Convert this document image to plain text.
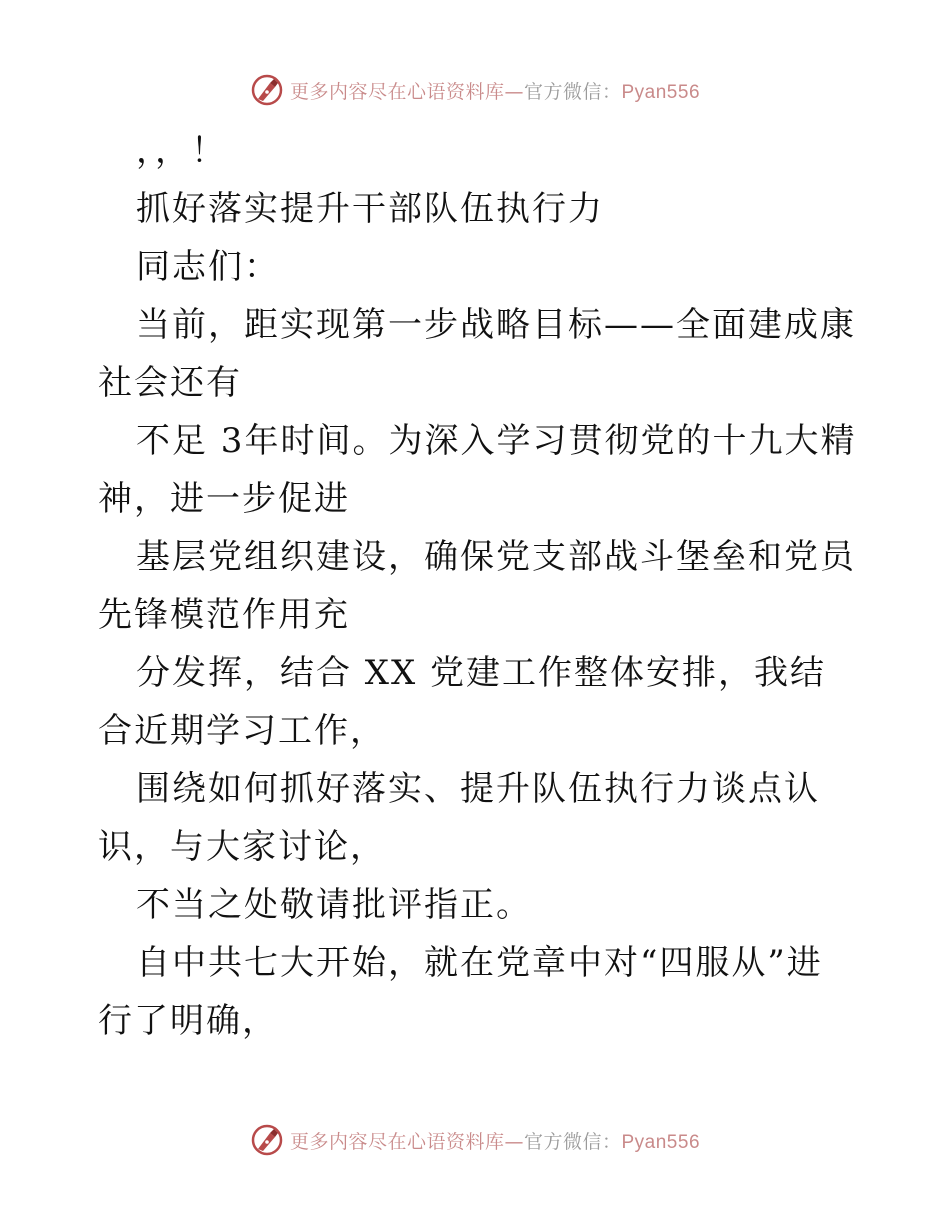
更多内容尽在心语资料库—官方微信：Pyan556

，，！

抓好落实提升干部队伍执行力

同志们：

当前，距实现第一步战略目标——全面建成康社会还有

不足 3年时间。为深入学习贯彻党的十九大精神，进一步促进

基层党组织建设，确保党支部战斗堡垒和党员先锋模范作用充

分发挥，结合 XX 党建工作整体安排，我结合近期学习工作，

围绕如何抓好落实、提升队伍执行力谈点认识，与大家讨论，

不当之处敬请批评指正。

自中共七大开始，就在党章中对“四服从”进行了明确，

更多内容尽在心语资料库—官方微信：Pyan556
